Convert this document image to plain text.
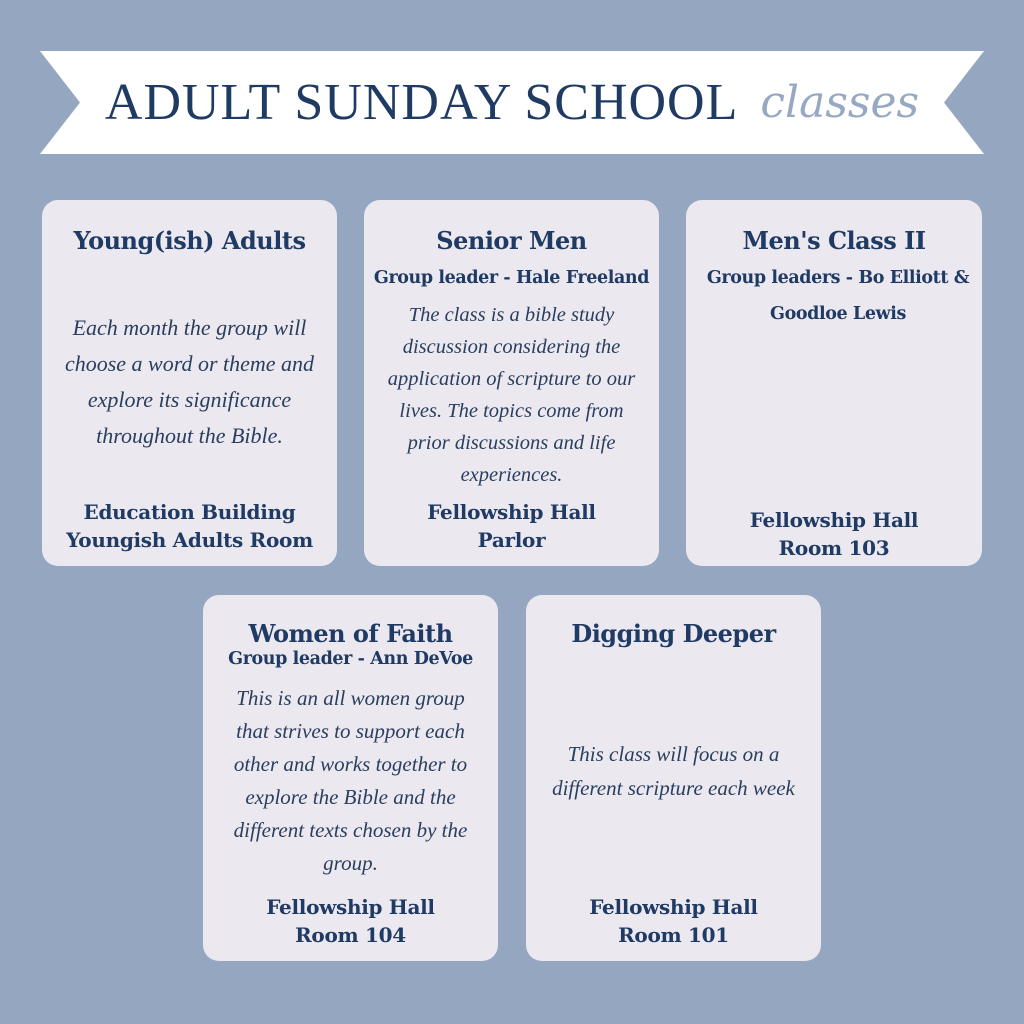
ADULT SUNDAY SCHOOL classes
Young(ish) Adults
Each month the group will choose a word or theme and explore its significance throughout the Bible.
Education Building
Youngish Adults Room
Senior Men
Group leader - Hale Freeland
The class is a bible study discussion considering the application of scripture to our lives. The topics come from prior discussions and life experiences.
Fellowship Hall
Parlor
Men's Class II
Group leaders - Bo Elliott & Goodloe Lewis
Fellowship Hall
Room 103
Women of Faith
Group leader - Ann DeVoe
This is an all women group that strives to support each other and works together to explore the Bible and the different texts chosen by the group.
Fellowship Hall
Room 104
Digging Deeper
This class will focus on a different scripture each week
Fellowship Hall
Room 101
